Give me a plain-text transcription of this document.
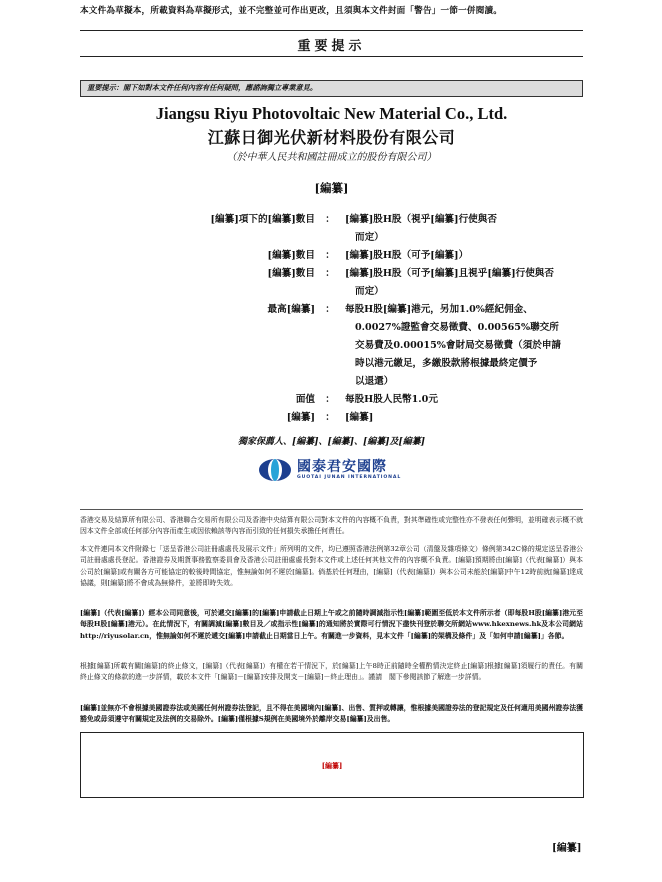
本文件為草擬本，所載資料為草擬形式，並不完整並可作出更改，且須與本文件封面「警告」一節一併閱讀。
重要提示
重要提示：閣下如對本文件任何內容有任何疑問，應諮詢獨立專業意見。
Jiangsu Riyu Photovoltaic New Material Co., Ltd.
江蘇日御光伏新材料股份有限公司
（於中華人民共和國註冊成立的股份有限公司）
[編纂]
[編纂]項下的[編纂]數目	：	[編纂]股H股（視乎[編纂]行使與否
而定）
[編纂]數目	：	[編纂]股H股（可予[編纂]）
[編纂]數目	：	[編纂]股H股（可予[編纂]且視乎[編纂]行使與否
而定）
最高[編纂]	：	每股H股[編纂]港元，另加1.0%經紀佣金、
0.0027%證監會交易徵費、0.00565%聯交所
交易費及0.00015%會財局交易徵費（須於申請
時以港元繳足，多繳股款將根據最終定價予
以退還）
面值	：	每股H股人民幣1.0元
[編纂]	：	[編纂]
獨家保薦人、[編纂]、[編纂]、[編纂]及[編纂]
國泰君安國際
GUOTAI JUNAN INTERNATIONAL
香港交易及結算所有限公司、香港聯合交易所有限公司及香港中央結算有限公司對本文件的內容概不負責，對其準確性或完整性亦不發表任何聲明，並明確表示概不就因本文件全部或任何部分內容而產生或因依賴該等內容而引致的任何損失承擔任何責任。
本文件連同本文件附錄七「送呈香港公司註冊處處長及展示文件」所列明的文件，均已遵照香港法例第32章公司（清盤及雜項條文）條例第342C條的規定送呈香港公司註冊處處長登記。香港證券及期貨事務監察委員會及香港公司註冊處處長對本文件或上述任何其他文件的內容概不負責。[編纂]預期將由[編纂]（代表[編纂]）與本公司於[編纂]或有關各方可能協定的較後時間協定，惟無論如何不遲於[編纂]。倘基於任何理由，[編纂]（代表[編纂]）與本公司未能於[編纂]中午12時前就[編纂]達成協議，則[編纂]將不會成為無條件，並將即時失效。
[編纂]（代表[編纂]）經本公司同意後，可於遞交[編纂]的[編纂]申請截止日期上午或之前隨時調減指示性[編纂]範圍至低於本文件所示者（即每股H股[編纂]港元至每股H股[編纂]港元）。在此情況下，有關調減[編纂]數目及／或指示性[編纂]的通知將於實際可行情況下盡快刊登於聯交所網站www.hkexnews.hk及本公司網站http://riyusolar.cn，惟無論如何不遲於遞交[編纂]申請截止日期當日上午。有關進一步資料，見本文件「[編纂]的架構及條件」及「如何申請[編纂]」各節。
根據[編纂]所載有關[編纂]的終止條文，[編纂]（代表[編纂]）有權在若干情況下，於[編纂]上午8時正前隨時全權酌情決定終止[編纂]根據[編纂]須履行的責任。有關終止條文的條款的進一步詳情，載於本文件「[編纂]－[編纂]安排及開支－[編纂]－終止理由」。謹請　閣下參閱該節了解進一步詳情。
[編纂]並無亦不會根據美國證券法或美國任何州證券法登記，且不得在美國境內[編纂]、出售、質押或轉讓，惟根據美國證券法的登記規定及任何適用美國州證券法獲豁免或毋須遵守有關規定及法例的交易除外。[編纂]僅根據S規例在美國境外於離岸交易[編纂]及出售。
[編纂]
[編纂]
